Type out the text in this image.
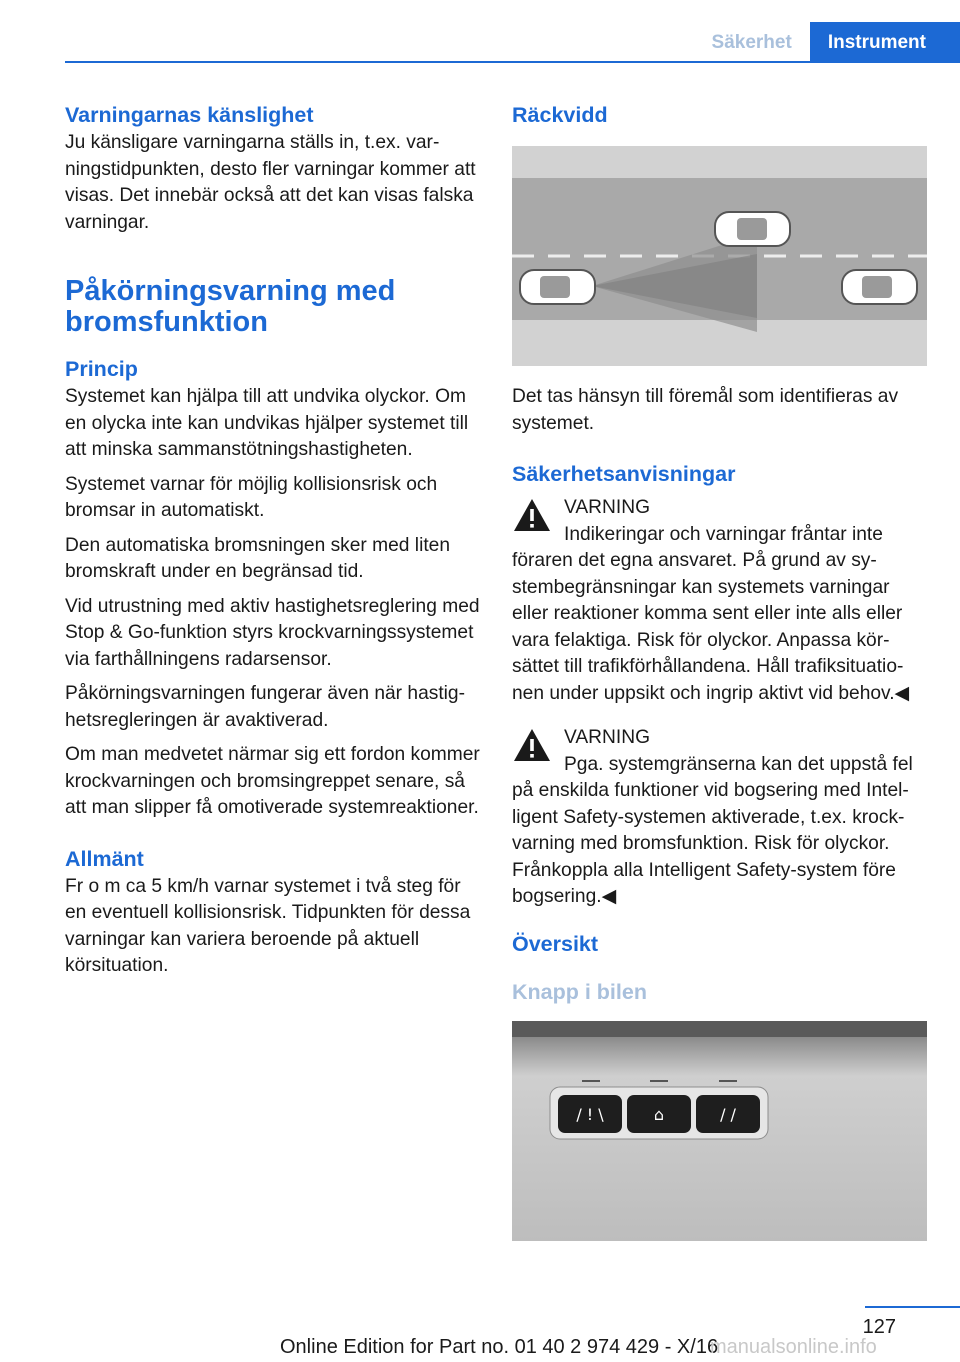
Säkerhet	Instrument
Varningarnas känslighet

Ju känsligare varningarna ställs in, t.ex. varningstidpunkten, desto fler varningar kommer att visas. Det innebär också att det kan visas falska varningar.

Påkörningsvarning med bromsfunktion
Princip

Systemet kan hjälpa till att undvika olyckor. Om en olycka inte kan undvikas hjälper systemet till att minska sammanstötningshastigheten.

Systemet varnar för möjlig kollisionsrisk och bromsar in automatiskt.

Den automatiska bromsningen sker med liten bromskraft under en begränsad tid.

Vid utrustning med aktiv hastighetsreglering med Stop & Go-funktion styrs krockvarningssystemet via farthållningens radarsensor.

Påkörningsvarningen fungerar även när hastighetsregleringen är avaktiverad.

Om man medvetet närmar sig ett fordon kommer krockvarningen och bromsingreppet senare, så att man slipper få omotiverade systemreaktioner.

Allmänt

Fr o m ca 5 km/h varnar systemet i två steg för en eventuell kollisionsrisk. Tidpunkten för dessa varningar kan variera beroende på aktuell körsituation.

Räckvidd

Det tas hänsyn till föremål som identifieras av systemet.

Säkerhetsanvisningar

VARNING

Indikeringar och varningar fråntar inte

föraren det egna ansvaret. På grund av systembegränsningar kan systemets varningar eller reaktioner komma sent eller inte alls eller vara felaktiga. Risk för olyckor. Anpassa körsättet till trafikförhållandena. Håll trafiksituationen under uppsikt och ingrip aktivt vid behov.◀

VARNING

Pga. systemgränserna kan det uppstå fel

på enskilda funktioner vid bogsering med Intelligent Safety-systemen aktiverade, t.ex. krockvarning med bromsfunktion. Risk för olyckor. Frånkoppla alla Intelligent Safety-system före bogsering.◀

Översikt
Knapp i bilen
/ ! \	⌂	/ /
127
Online Edition for Part no. 01 40 2 974 429 - X/16
manualsonline.info
